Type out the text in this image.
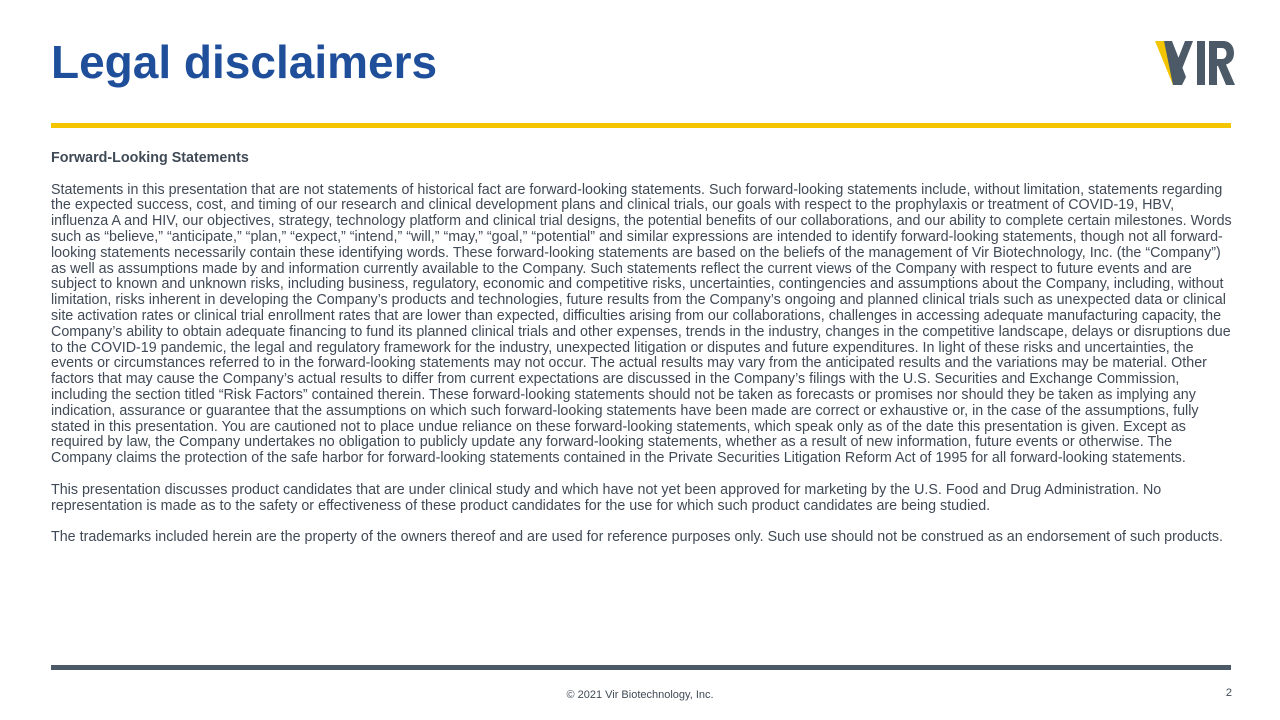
Legal disclaimers

Forward-Looking Statements

Statements in this presentation that are not statements of historical fact are forward-looking statements. Such forward-looking statements include, without limitation, statements regarding the expected success, cost, and timing of our research and clinical development plans and clinical trials, our goals with respect to the prophylaxis or treatment of COVID-19, HBV, influenza A and HIV, our objectives, strategy, technology platform and clinical trial designs, the potential benefits of our collaborations, and our ability to complete certain milestones. Words such as “believe,” “anticipate,” “plan,” “expect,” “intend,” “will,” “may,” “goal,” “potential” and similar expressions are intended to identify forward-looking statements, though not all forward-looking statements necessarily contain these identifying words. These forward-looking statements are based on the beliefs of the management of Vir Biotechnology, Inc. (the “Company”) as well as assumptions made by and information currently available to the Company. Such statements reflect the current views of the Company with respect to future events and are subject to known and unknown risks, including business, regulatory, economic and competitive risks, uncertainties, contingencies and assumptions about the Company, including, without limitation, risks inherent in developing the Company’s products and technologies, future results from the Company’s ongoing and planned clinical trials such as unexpected data or clinical site activation rates or clinical trial enrollment rates that are lower than expected, difficulties arising from our collaborations, challenges in accessing adequate manufacturing capacity, the Company’s ability to obtain adequate financing to fund its planned clinical trials and other expenses, trends in the industry, changes in the competitive landscape, delays or disruptions due to the COVID-19 pandemic, the legal and regulatory framework for the industry, unexpected litigation or disputes and future expenditures. In light of these risks and uncertainties, the events or circumstances referred to in the forward-looking statements may not occur. The actual results may vary from the anticipated results and the variations may be material. Other factors that may cause the Company’s actual results to differ from current expectations are discussed in the Company’s filings with the U.S. Securities and Exchange Commission, including the section titled “Risk Factors” contained therein. These forward-looking statements should not be taken as forecasts or promises nor should they be taken as implying any indication, assurance or guarantee that the assumptions on which such forward-looking statements have been made are correct or exhaustive or, in the case of the assumptions, fully stated in this presentation. You are cautioned not to place undue reliance on these forward-looking statements, which speak only as of the date this presentation is given. Except as required by law, the Company undertakes no obligation to publicly update any forward-looking statements, whether as a result of new information, future events or otherwise. The Company claims the protection of the safe harbor for forward-looking statements contained in the Private Securities Litigation Reform Act of 1995 for all forward-looking statements.

This presentation discusses product candidates that are under clinical study and which have not yet been approved for marketing by the U.S. Food and Drug Administration. No representation is made as to the safety or effectiveness of these product candidates for the use for which such product candidates are being studied.

The trademarks included herein are the property of the owners thereof and are used for reference purposes only. Such use should not be construed as an endorsement of such products.

© 2021 Vir Biotechnology, Inc.	2
